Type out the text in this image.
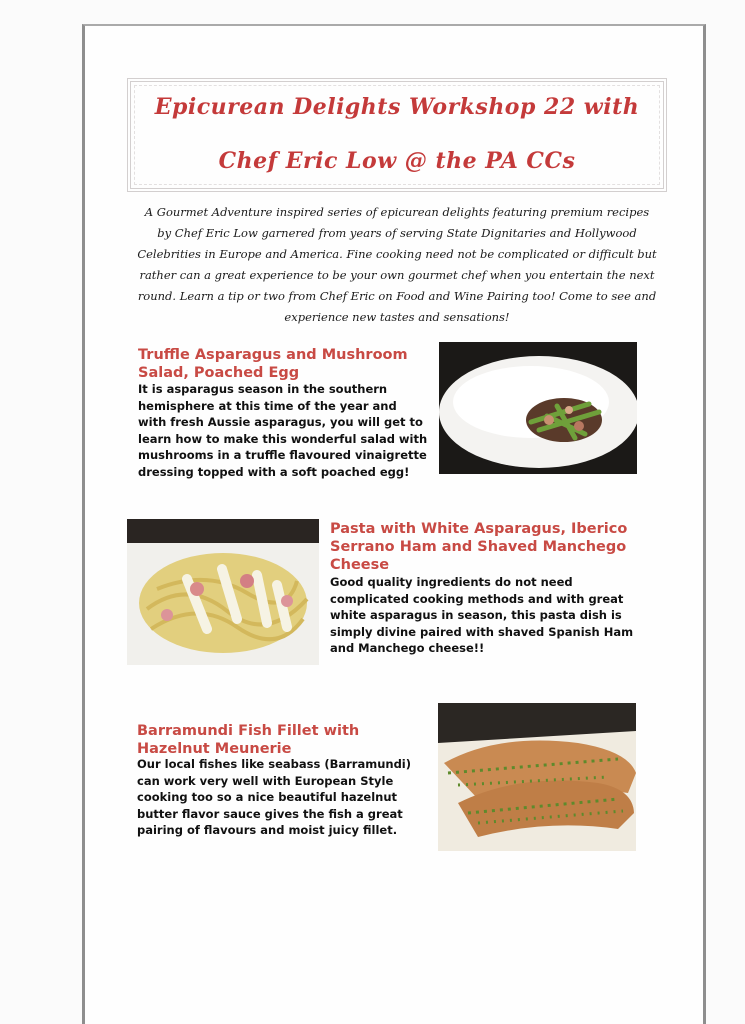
Epicurean Delights Workshop 22 with
Chef Eric Low @ the PA CCs
A Gourmet Adventure inspired series of epicurean delights featuring premium recipes by Chef Eric Low garnered from years of serving State Dignitaries and Hollywood Celebrities in Europe and America. Fine cooking need not be complicated or difficult but rather can a great experience to be your own gourmet chef when you entertain the next round. Learn a tip or two from Chef Eric on Food and Wine Pairing too! Come to see and experience new tastes and sensations!
Truffle Asparagus and Mushroom Salad, Poached Egg
It is asparagus season in the southern hemisphere at this time of the year and with fresh Aussie asparagus, you will get to learn how to make this wonderful salad with mushrooms in a truffle flavoured vinaigrette dressing topped with a soft poached egg!
Pasta with White Asparagus, Iberico Serrano Ham and Shaved Manchego Cheese
Good quality ingredients do not need complicated cooking methods and with great white asparagus in season, this pasta dish is simply divine paired with shaved Spanish Ham and Manchego cheese!!
Barramundi Fish Fillet with Hazelnut Meunerie
Our local fishes like seabass (Barramundi) can work very well with European Style cooking too so a nice beautiful hazelnut butter flavor sauce gives the fish a great pairing of flavours and moist juicy fillet.
